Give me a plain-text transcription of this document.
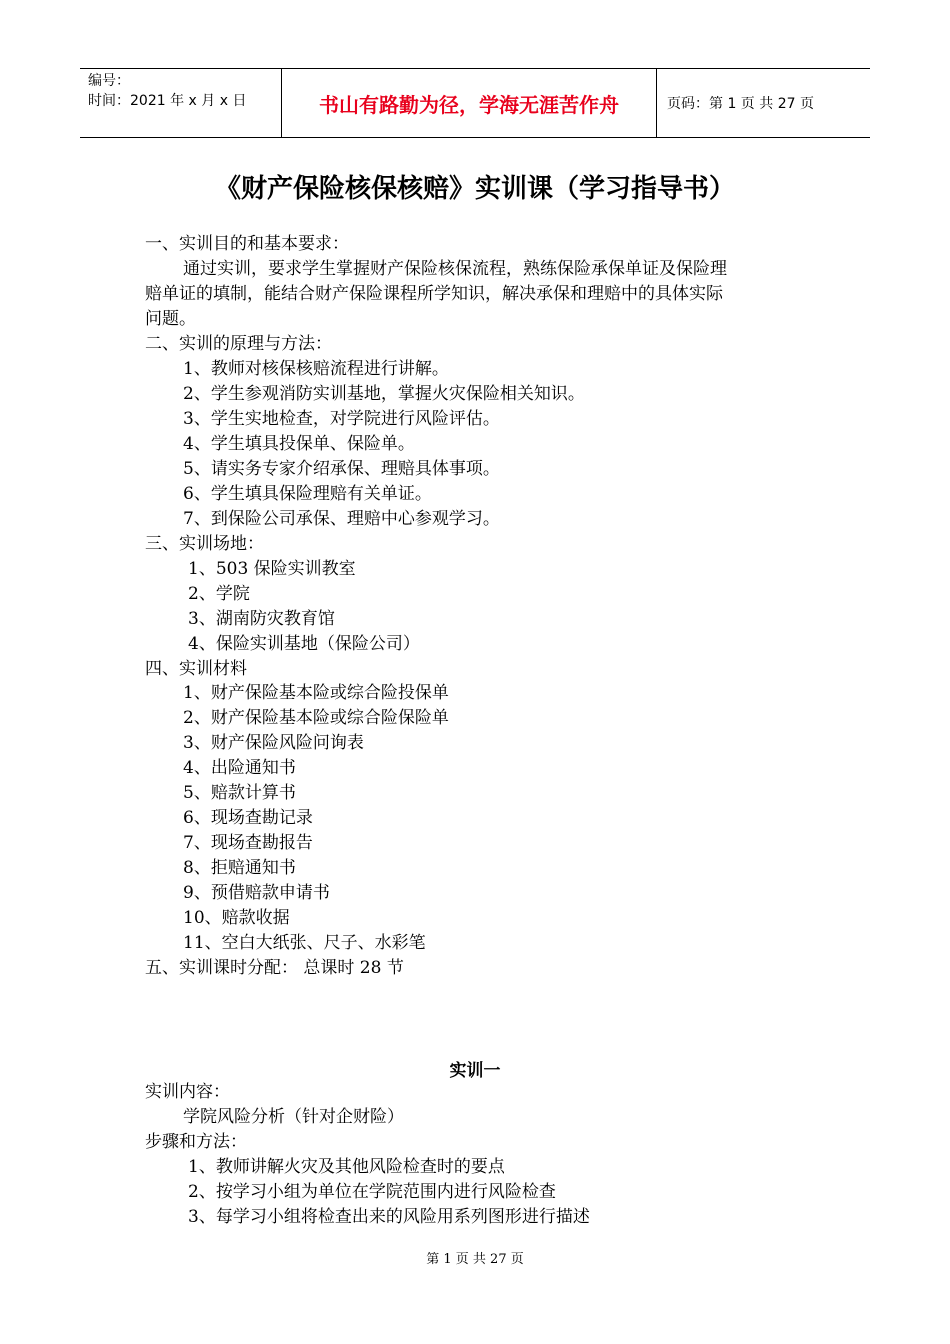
编号：
时间：2021 年 x 月 x 日	书山有路勤为径，学海无涯苦作舟	页码：第 1 页 共 27 页
《财产保险核保核赔》实训课（学习指导书）
一、实训目的和基本要求：
通过实训，要求学生掌握财产保险核保流程，熟练保险承保单证及保险理
赔单证的填制，能结合财产保险课程所学知识，解决承保和理赔中的具体实际
问题。
二、实训的原理与方法：
1、教师对核保核赔流程进行讲解。
2、学生参观消防实训基地，掌握火灾保险相关知识。
3、学生实地检查，对学院进行风险评估。
4、学生填具投保单、保险单。
5、请实务专家介绍承保、理赔具体事项。
6、学生填具保险理赔有关单证。
7、到保险公司承保、理赔中心参观学习。
三、实训场地：
1、503 保险实训教室
2、学院
3、湖南防灾教育馆
4、保险实训基地（保险公司）
四、实训材料
1、财产保险基本险或综合险投保单
2、财产保险基本险或综合险保险单
3、财产保险风险问询表
4、出险通知书
5、赔款计算书
6、现场查勘记录
7、现场查勘报告
8、拒赔通知书
9、预借赔款申请书
10、赔款收据
11、空白大纸张、尺子、水彩笔
五、实训课时分配： 总课时 28 节
实训一
实训内容：
学院风险分析（针对企财险）
步骤和方法：
1、教师讲解火灾及其他风险检查时的要点
2、按学习小组为单位在学院范围内进行风险检查
3、每学习小组将检查出来的风险用系列图形进行描述
第 1 页 共 27 页
